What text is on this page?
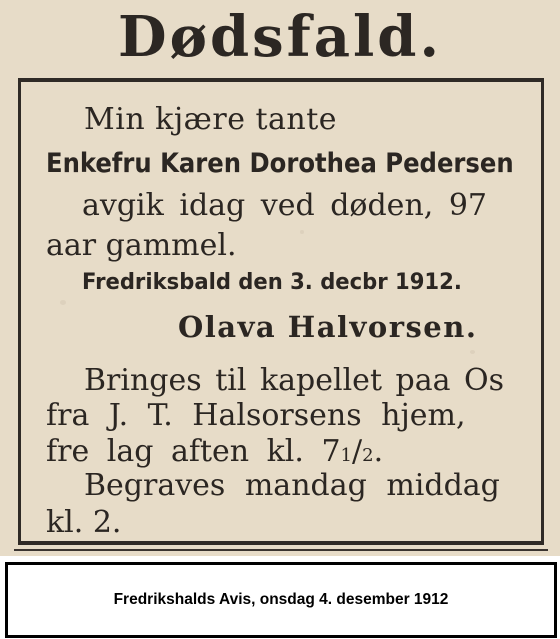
Dødsfald.
Min kjære tante
Enkefru Karen Dorothea Pedersen
avgik idag ved døden, 97
aar gammel.
Fredriksbald den 3. decbr 1912.
Olava Halvorsen.
Bringes til kapellet paa Os
fra J. T. Halsorsens hjem,
fre lag aften kl. 7 1 / 2 .
Begraves mandag middag
kl. 2.
Fredrikshalds Avis, onsdag 4. desember 1912
